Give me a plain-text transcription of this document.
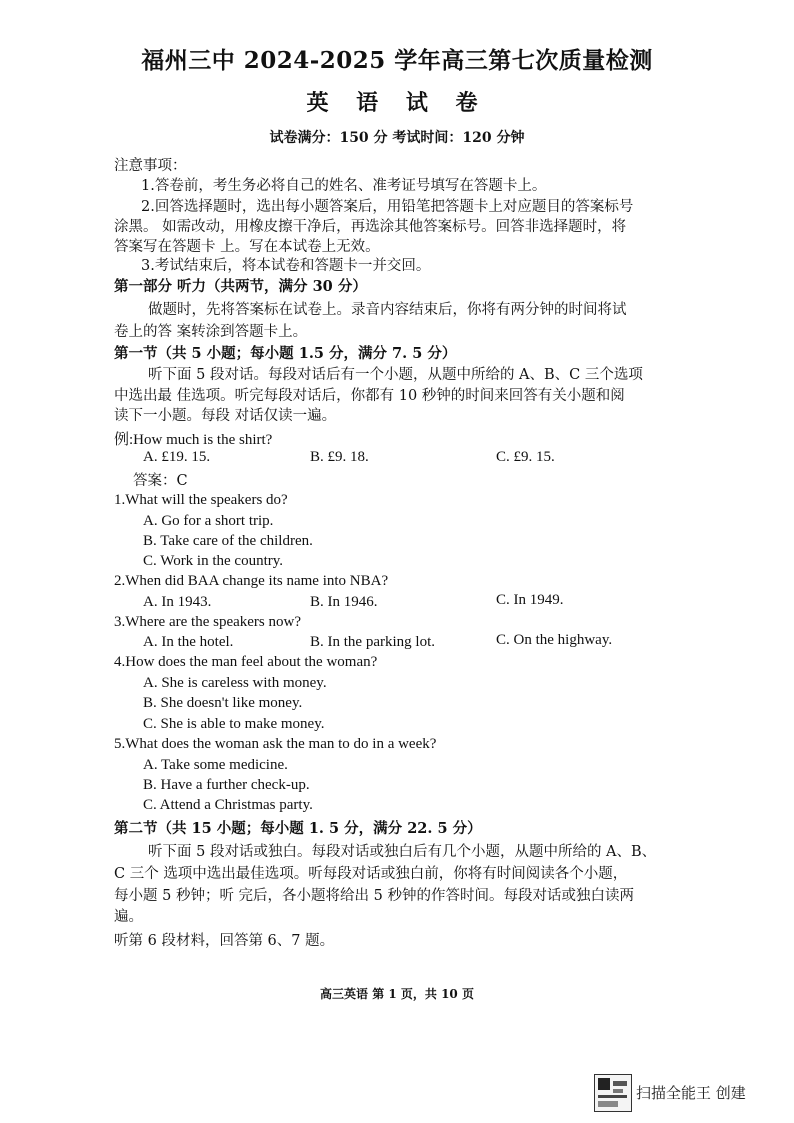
福州三中 2024-2025 学年高三第七次质量检测
英 语 试 卷
试卷满分：150 分 考试时间：120 分钟
注意事项：
1.答卷前，考生务必将自己的姓名、准考证号填写在答题卡上。
2.回答选择题时，选出每小题答案后，用铅笔把答题卡上对应题目的答案标号
涂黑。 如需改动，用橡皮擦干净后，再选涂其他答案标号。回答非选择题时，将
答案写在答题卡 上。写在本试卷上无效。
3.考试结束后，将本试卷和答题卡一并交回。
第一部分 听力（共两节，满分 30 分）
做题时，先将答案标在试卷上。录音内容结束后，你将有两分钟的时间将试
卷上的答 案转涂到答题卡上。
第一节（共 5 小题；每小题 1.5 分，满分 7. 5 分）
听下面 5 段对话。每段对话后有一个小题，从题中所给的 A、B、C 三个选项
中选出最 佳选项。听完每段对话后，你都有 10 秒钟的时间来回答有关小题和阅
读下一小题。每段 对话仅读一遍。
例:How much is the shirt?
A. £19. 15.	B. £9. 18.	C. £9. 15.
答案：C
1.What will the speakers do?
A. Go for a short trip.
B. Take care of the children.
C. Work in the country.
2.When did BAA change its name into NBA?
A. In 1943.	B. In 1946.	C. In 1949.
3.Where are the speakers now?
A. In the hotel.	B. In the parking lot.	C. On the highway.
4.How does the man feel about the woman?
A. She is careless with money.
B. She doesn't like money.
C. She is able to make money.
5.What does the woman ask the man to do in a week?
A. Take some medicine.
B. Have a further check-up.
C. Attend a Christmas party.
第二节（共 15 小题；每小题 1. 5 分，满分 22. 5 分）
听下面 5 段对话或独白。每段对话或独白后有几个小题，从题中所给的 A、B、
C 三个 选项中选出最佳选项。听每段对话或独白前，你将有时间阅读各个小题，
每小题 5 秒钟；听 完后，各小题将给出 5 秒钟的作答时间。每段对话或独白读两
遍。
听第 6 段材料，回答第 6、7 题。
高三英语 第 1 页，共 10 页
扫描全能王 创建
